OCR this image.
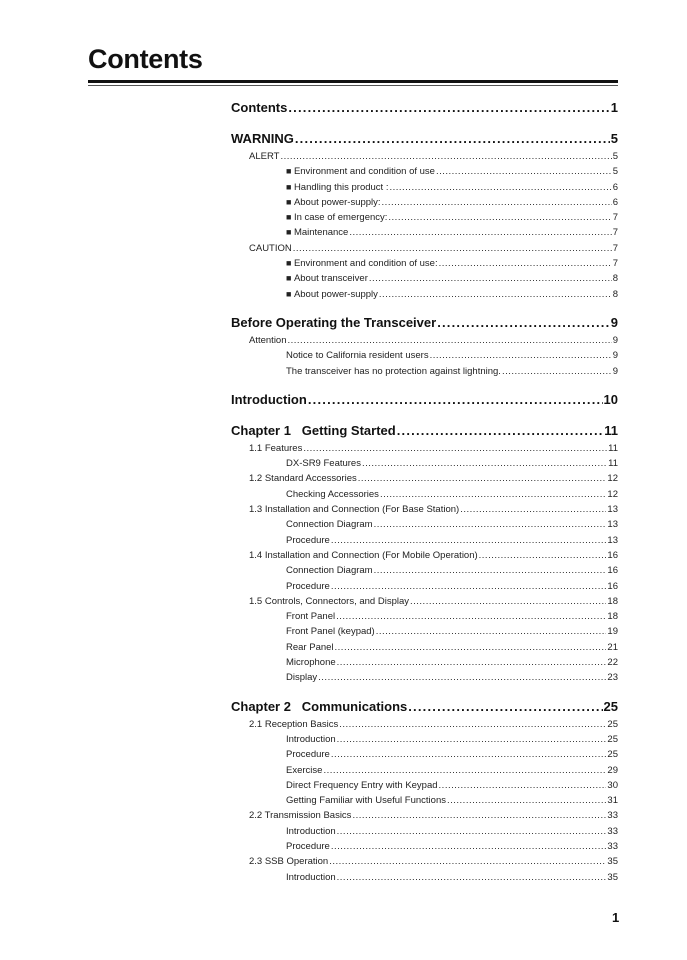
Contents
Contents .....	1
WARNING .....	5
ALERT .....	5
■ Environment and condition of use .....	5
■ Handling this product : .....	6
■ About power-supply: .....	6
■ In case of emergency: .....	7
■ Maintenance .....	7
CAUTION .....	7
■ Environment and condition of use: .....	7
■ About transceiver .....	8
■ About power-supply .....	8
Before Operating the Transceiver .....	9
Attention .....	9
Notice to California resident users .....	9
The transceiver has no protection against lightning. .....	9
Introduction .....	10
Chapter 1   Getting Started .....	11
1.1 Features .....	11
DX-SR9 Features .....	11
1.2 Standard Accessories .....	12
Checking Accessories .....	12
1.3 Installation and Connection (For Base Station) .....	13
Connection Diagram .....	13
Procedure .....	13
1.4 Installation and Connection (For Mobile Operation) .....	16
Connection Diagram .....	16
Procedure .....	16
1.5 Controls, Connectors, and Display .....	18
Front Panel .....	18
Front Panel (keypad) .....	19
Rear Panel .....	21
Microphone .....	22
Display .....	23
Chapter 2   Communications .....	25
2.1 Reception Basics .....	25
Introduction .....	25
Procedure .....	25
Exercise .....	29
Direct Frequency Entry with Keypad .....	30
Getting Familiar with Useful Functions .....	31
2.2 Transmission Basics .....	33
Introduction .....	33
Procedure .....	33
2.3 SSB Operation .....	35
Introduction .....	35
1
